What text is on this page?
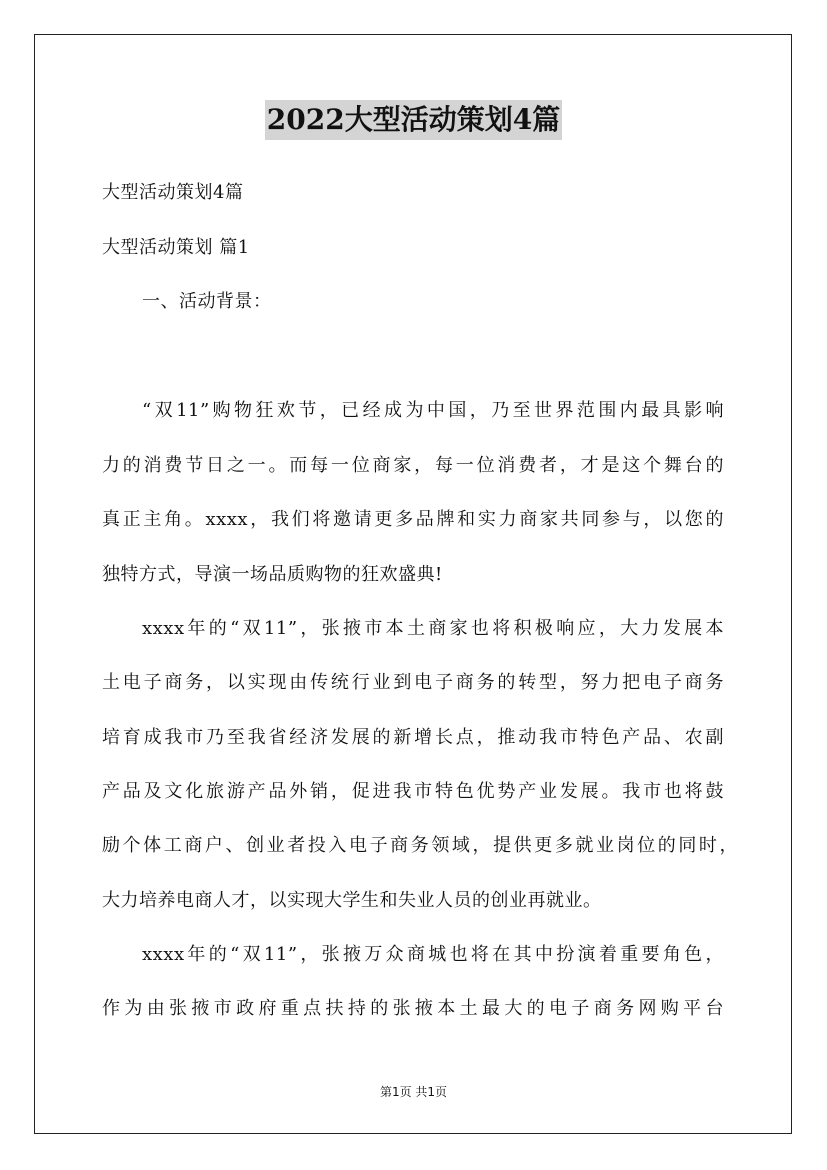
2022大型活动策划4篇
大型活动策划4篇
大型活动策划 篇1
一、活动背景：
“双11”购物狂欢节，已经成为中国，乃至世界范围内最具影响
力的消费节日之一。而每一位商家，每一位消费者，才是这个舞台的
真正主角。xxxx，我们将邀请更多品牌和实力商家共同参与，以您的
独特方式，导演一场品质购物的狂欢盛典!
xxxx年的“双11”，张掖市本土商家也将积极响应，大力发展本
土电子商务，以实现由传统行业到电子商务的转型，努力把电子商务
培育成我市乃至我省经济发展的新增长点，推动我市特色产品、农副
产品及文化旅游产品外销，促进我市特色优势产业发展。我市也将鼓
励个体工商户、创业者投入电子商务领域，提供更多就业岗位的同时，
大力培养电商人才，以实现大学生和失业人员的创业再就业。
xxxx年的“双11”，张掖万众商城也将在其中扮演着重要角色，
作为由张掖市政府重点扶持的张掖本土最大的电子商务网购平台
第1页 共1页
